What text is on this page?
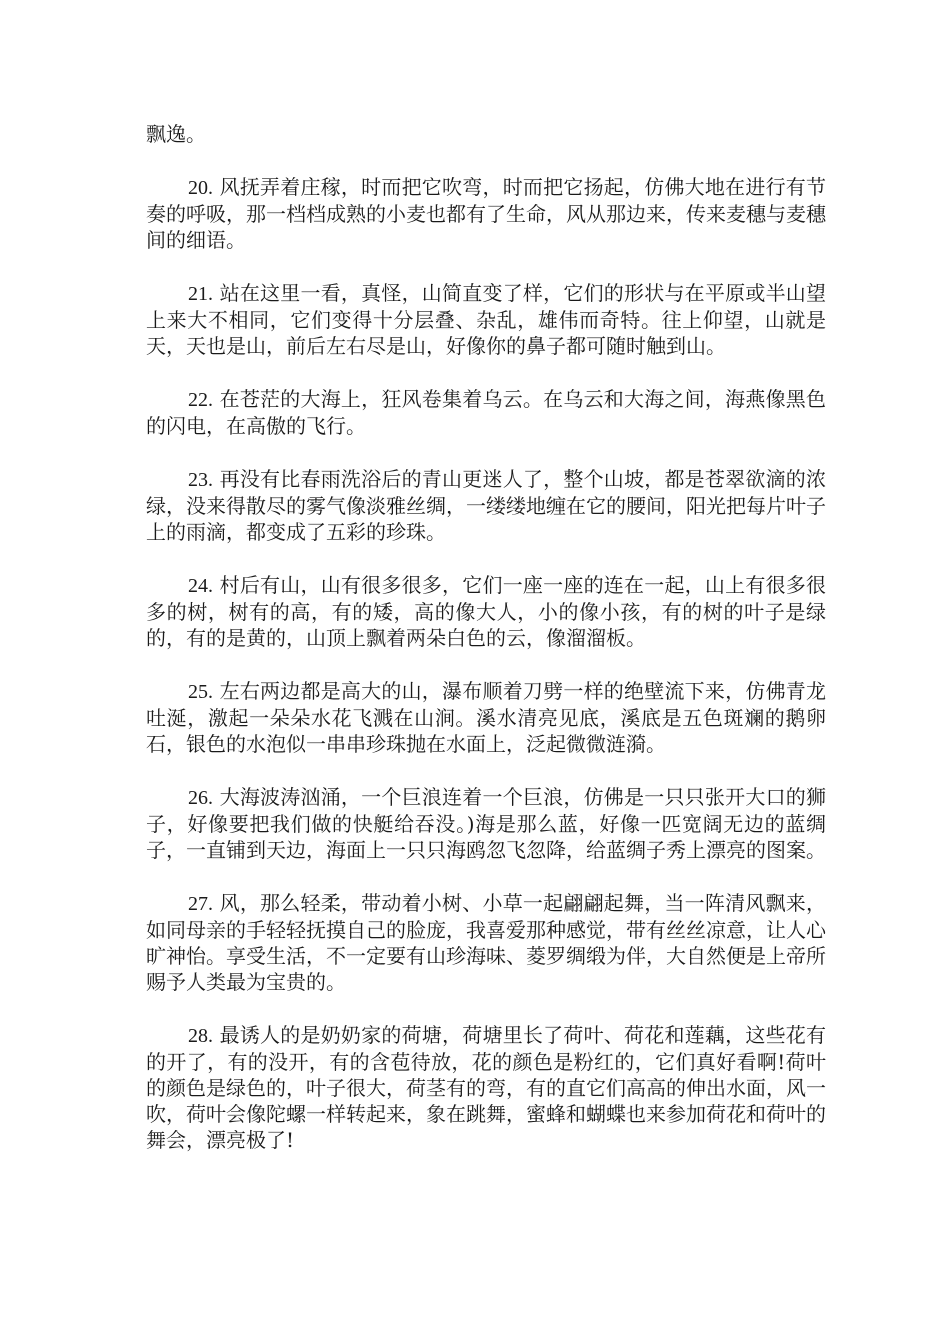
飘逸。

20. 风抚弄着庄稼，时而把它吹弯，时而把它扬起，仿佛大地在进行有节奏的呼吸，那一档档成熟的小麦也都有了生命，风从那边来，传来麦穗与麦穗间的细语。

21. 站在这里一看，真怪，山简直变了样，它们的形状与在平原或半山望上来大不相同，它们变得十分层叠、杂乱，雄伟而奇特。往上仰望，山就是天，天也是山，前后左右尽是山，好像你的鼻子都可随时触到山。

22. 在苍茫的大海上，狂风卷集着乌云。在乌云和大海之间，海燕像黑色的闪电，在高傲的飞行。

23. 再没有比春雨洗浴后的青山更迷人了，整个山坡，都是苍翠欲滴的浓绿，没来得散尽的雾气像淡雅丝绸，一缕缕地缠在它的腰间，阳光把每片叶子上的雨滴，都变成了五彩的珍珠。

24. 村后有山，山有很多很多，它们一座一座的连在一起，山上有很多很多的树，树有的高，有的矮，高的像大人，小的像小孩，有的树的叶子是绿的，有的是黄的，山顶上飘着两朵白色的云，像溜溜板。

25. 左右两边都是高大的山，瀑布顺着刀劈一样的绝壁流下来，仿佛青龙吐涎，激起一朵朵水花飞溅在山涧。溪水清亮见底，溪底是五色斑斓的鹅卵石，银色的水泡似一串串珍珠抛在水面上，泛起微微涟漪。

26. 大海波涛汹涌，一个巨浪连着一个巨浪，仿佛是一只只张开大口的狮子，好像要把我们做的快艇给吞没。)海是那么蓝，好像一匹宽阔无边的蓝绸子，一直铺到天边，海面上一只只海鸥忽飞忽降，给蓝绸子秀上漂亮的图案。

27. 风，那么轻柔，带动着小树、小草一起翩翩起舞，当一阵清风飘来，如同母亲的手轻轻抚摸自己的脸庞，我喜爱那种感觉，带有丝丝凉意，让人心旷神怡。享受生活，不一定要有山珍海味、菱罗绸缎为伴，大自然便是上帝所赐予人类最为宝贵的。

28. 最诱人的是奶奶家的荷塘，荷塘里长了荷叶、荷花和莲藕，这些花有的开了，有的没开，有的含苞待放，花的颜色是粉红的，它们真好看啊!荷叶的颜色是绿色的，叶子很大，荷茎有的弯，有的直它们高高的伸出水面，风一吹，荷叶会像陀螺一样转起来，象在跳舞，蜜蜂和蝴蝶也来参加荷花和荷叶的舞会，漂亮极了!
